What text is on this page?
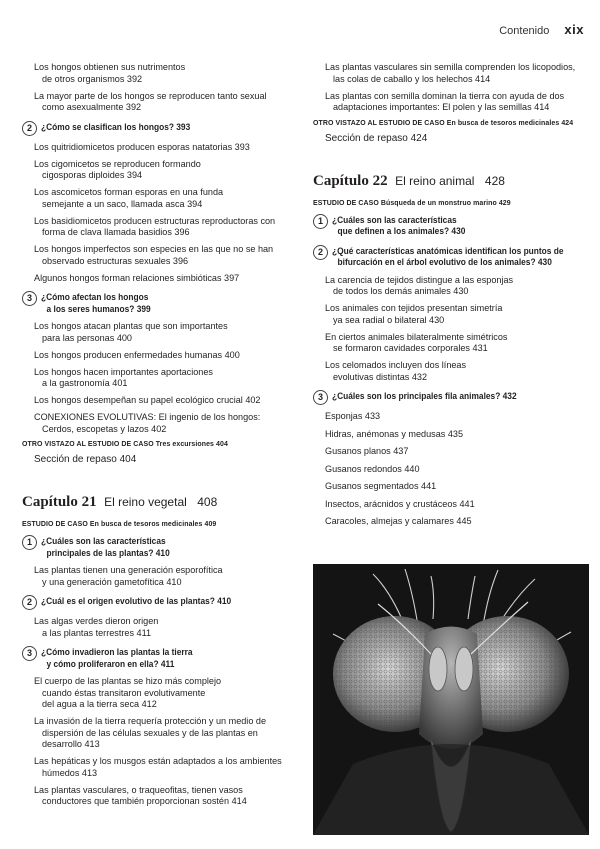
Contenido xix
Los hongos obtienen sus nutrimentos
de otros organismos 392
La mayor parte de los hongos se reproducen tanto sexual
como asexualmente 392
2 ¿Cómo se clasifican los hongos? 393
Los quitridiomicetos producen esporas natatorias 393
Los cigomicetos se reproducen formando
cigosporas diploides 394
Los ascomicetos forman esporas en una funda
semejante a un saco, llamada asca 394
Los basidiomicetos producen estructuras reproductoras con
forma de clava llamada basidios 396
Los hongos imperfectos son especies en las que no se han
observado estructuras sexuales 396
Algunos hongos forman relaciones simbióticas 397
3 ¿Cómo afectan los hongos
a los seres humanos? 399
Los hongos atacan plantas que son importantes
para las personas 400
Los hongos producen enfermedades humanas 400
Los hongos hacen importantes aportaciones
a la gastronomía 401
Los hongos desempeñan su papel ecológico crucial 402
CONEXIONES EVOLUTIVAS: El ingenio de los hongos:
Cerdos, escopetas y lazos 402
OTRO VISTAZO AL ESTUDIO DE CASO Tres excursiones 404
Sección de repaso 404
Capítulo 21 El reino vegetal 408
ESTUDIO DE CASO En busca de tesoros medicinales 409
1 ¿Cuáles son las características
principales de las plantas? 410
Las plantas tienen una generación esporofítica
y una generación gametofítica 410
2 ¿Cuál es el origen evolutivo de las plantas? 410
Las algas verdes dieron origen
a las plantas terrestres 411
3 ¿Cómo invadieron las plantas la tierra
y cómo proliferaron en ella? 411
El cuerpo de las plantas se hizo más complejo
cuando éstas transitaron evolutivamente
del agua a la tierra seca 412
La invasión de la tierra requería protección y un medio de
dispersión de las células sexuales y de las plantas en
desarrollo 413
Las hepáticas y los musgos están adaptados a los ambientes
húmedos 413
Las plantas vasculares, o traqueofitas, tienen vasos
conductores que también proporcionan sostén 414
Las plantas vasculares sin semilla comprenden los licopodios,
las colas de caballo y los helechos 414
Las plantas con semilla dominan la tierra con ayuda de dos
adaptaciones importantes: El polen y las semillas 414
OTRO VISTAZO AL ESTUDIO DE CASO En busca de tesoros medicinales 424
Sección de repaso 424
Capítulo 22 El reino animal 428
ESTUDIO DE CASO Búsqueda de un monstruo marino 429
1 ¿Cuáles son las características
que definen a los animales? 430
2 ¿Qué características anatómicas identifican los puntos de
bifurcación en el árbol evolutivo de los animales? 430
La carencia de tejidos distingue a las esponjas
de todos los demás animales 430
Los animales con tejidos presentan simetría
ya sea radial o bilateral 430
En ciertos animales bilateralmente simétricos
se formaron cavidades corporales 431
Los celomados incluyen dos líneas
evolutivas distintas 432
3 ¿Cuáles son los principales fila animales? 432
Esponjas 433
Hidras, anémonas y medusas 435
Gusanos planos 437
Gusanos redondos 440
Gusanos segmentados 441
Insectos, arácnidos y crustáceos 441
Caracoles, almejas y calamares 445
